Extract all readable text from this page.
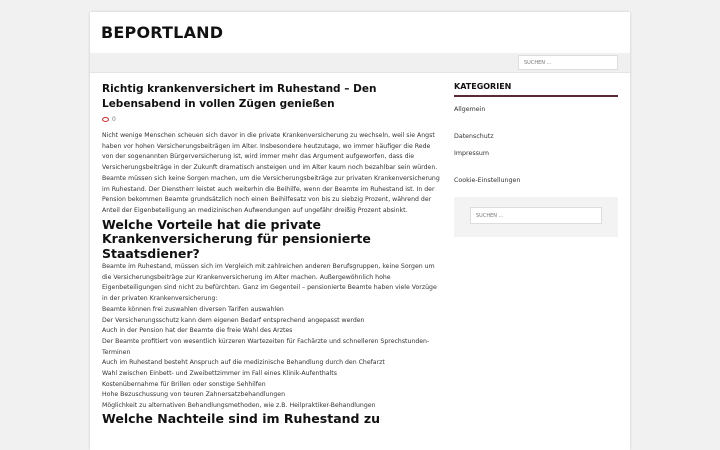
BEPORTLAND
SUCHEN ...
Richtig krankenversichert im Ruhestand – Den Lebensabend in vollen Zügen genießen
0

Nicht wenige Menschen scheuen sich davor in die private Krankenversicherung zu wechseln, weil sie Angst haben vor hohen Versicherungsbeiträgen im Alter. Insbesondere heutzutage, wo immer häufiger die Rede von der sogenannten Bürgerversicherung ist, wird immer mehr das Argument aufgeworfen, dass die Versicherungsbeiträge in der Zukunft dramatisch ansteigen und im Alter kaum noch bezahlbar sein würden. Beamte müssen sich keine Sorgen machen, um die Versicherungsbeiträge zur privaten Krankenversicherung im Ruhestand. Der Dienstherr leistet auch weiterhin die Beihilfe, wenn der Beamte im Ruhestand ist. In der Pension bekommen Beamte grundsätzlich noch einen Beihilfesatz von bis zu siebzig Prozent, während der Anteil der Eigenbeteiligung an medizinischen Aufwendungen auf ungefähr dreißig Prozent absinkt.

Welche Vorteile hat die private Krankenversicherung für pensionierte Staatsdiener?

Beamte im Ruhestand, müssen sich im Vergleich mit zahlreichen anderen Berufsgruppen, keine Sorgen um die Versicherungsbeiträge zur Krankenversicherung im Alter machen. Außergewöhnlich hohe Eigenbeteiligungen sind nicht zu befürchten. Ganz im Gegenteil – pensionierte Beamte haben viele Vorzüge in der privaten Krankenversicherung:

Beamte können frei zuswahlen diversen Tarifen auswahlen
Der Versicherungsschutz kann dem eigenen Bedarf entsprechend angepasst werden
Auch in der Pension hat der Beamte die freie Wahl des Arztes
Der Beamte profitiert von wesentlich kürzeren Wartezeiten für Fachärzte und schnelleren Sprechstunden-Terminen
Auch im Ruhestand besteht Anspruch auf die medizinische Behandlung durch den Chefarzt
Wahl zwischen Einbett- und Zweibettzimmer im Fall eines Klinik-Aufenthalts
Kostenübernahme für Brillen oder sonstige Sehhilfen
Hohe Bezuschussung von teuren Zahnersatzbehandlungen
Möglichkeit zu alternativen Behandlungsmethoden, wie z.B. Heilpraktiker-Behandlungen
Welche Nachteile sind im Ruhestand zu
KATEGORIEN
Allgemein
Datenschutz
Impressum
Cookie-Einstellungen
SUCHEN ...
